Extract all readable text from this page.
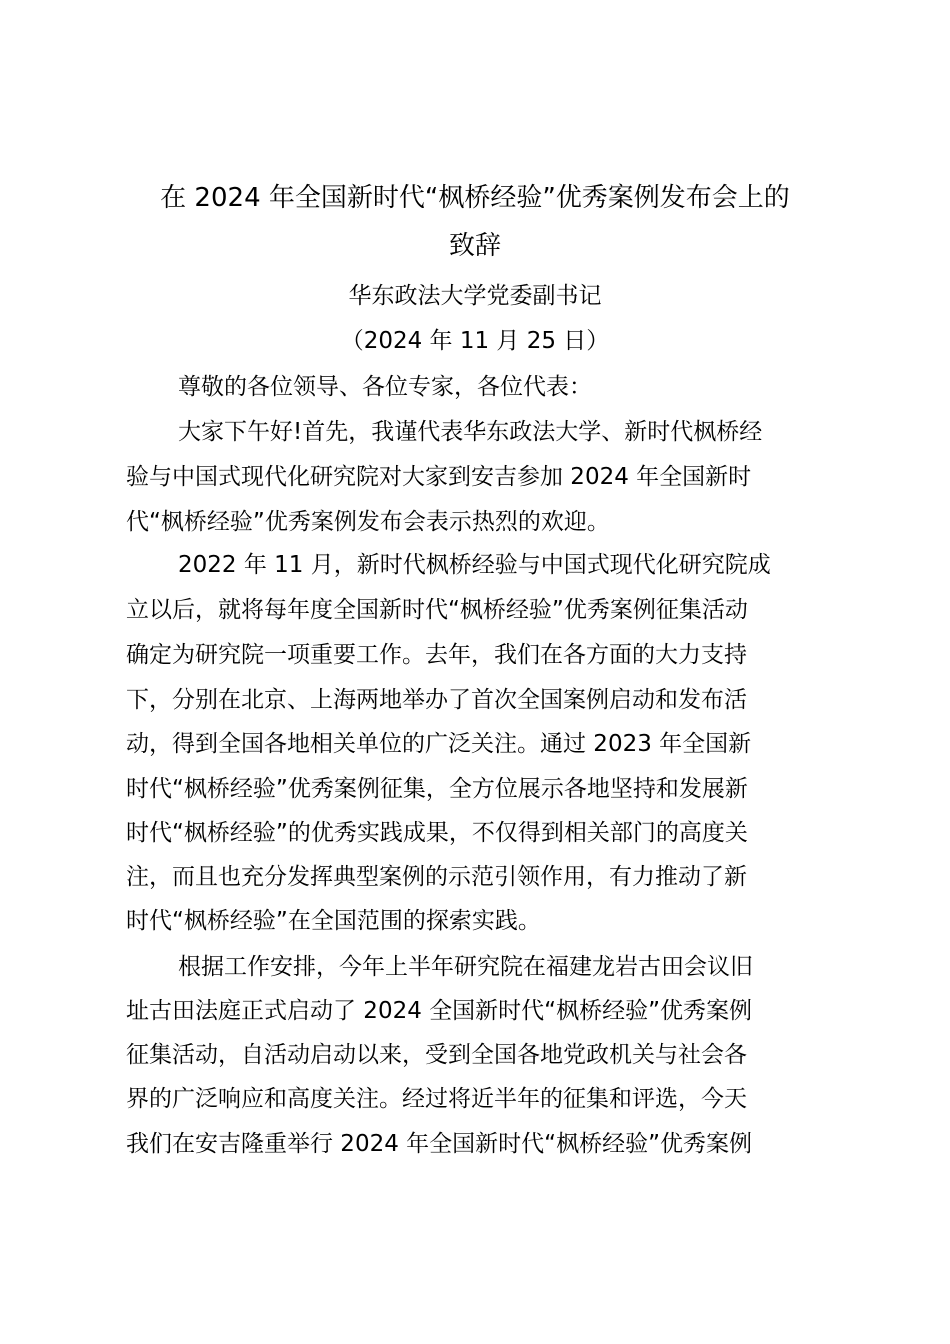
在 2024 年全国新时代“枫桥经验”优秀案例发布会上的
致辞
华东政法大学党委副书记
（2024 年 11 月 25 日）
尊敬的各位领导、各位专家，各位代表：
大家下午好!首先，我谨代表华东政法大学、新时代枫桥经
验与中国式现代化研究院对大家到安吉参加 2024 年全国新时
代“枫桥经验”优秀案例发布会表示热烈的欢迎。
2022 年 11 月，新时代枫桥经验与中国式现代化研究院成
立以后，就将每年度全国新时代“枫桥经验”优秀案例征集活动
确定为研究院一项重要工作。去年，我们在各方面的大力支持
下，分别在北京、上海两地举办了首次全国案例启动和发布活
动，得到全国各地相关单位的广泛关注。通过 2023 年全国新
时代“枫桥经验”优秀案例征集，全方位展示各地坚持和发展新
时代“枫桥经验”的优秀实践成果，不仅得到相关部门的高度关
注，而且也充分发挥典型案例的示范引领作用，有力推动了新
时代“枫桥经验”在全国范围的探索实践。
根据工作安排，今年上半年研究院在福建龙岩古田会议旧
址古田法庭正式启动了 2024 全国新时代“枫桥经验”优秀案例
征集活动，自活动启动以来，受到全国各地党政机关与社会各
界的广泛响应和高度关注。经过将近半年的征集和评选，今天
我们在安吉隆重举行 2024 年全国新时代“枫桥经验”优秀案例
